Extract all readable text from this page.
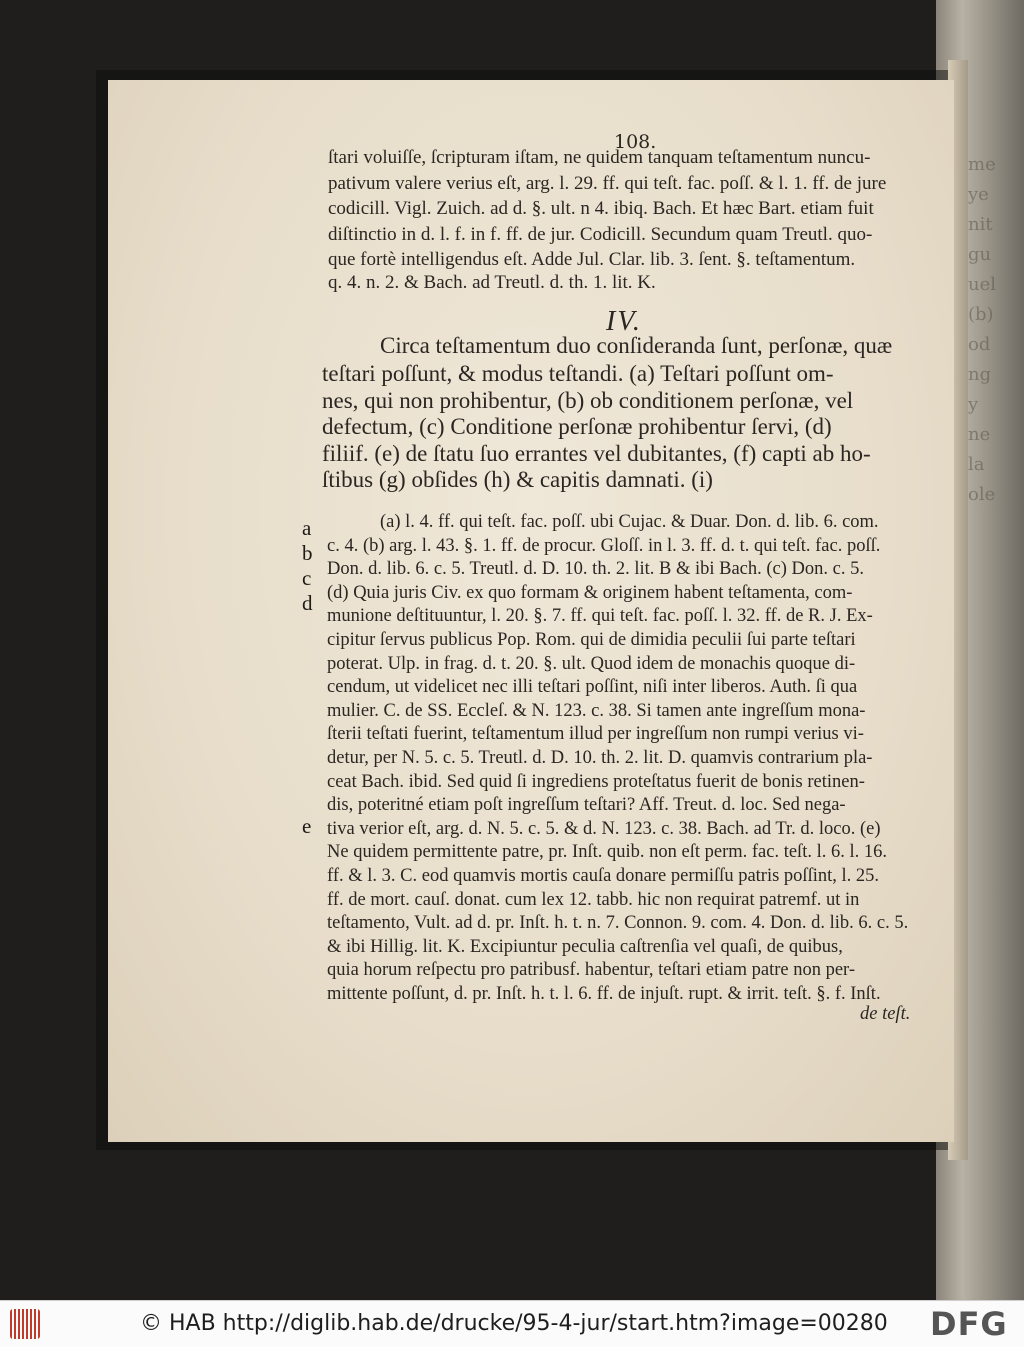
me
ye
nit
gu
uel
(b)
od
ng
y
ne
la
ole
108.
ſtari voluiſſe, ſcripturam iſtam, ne quidem tanquam teſtamentum nuncu-
pativum valere verius eſt, arg. l. 29. ff. qui teſt. fac. poſſ. & l. 1. ff. de jure
codicill. Vigl. Zuich. ad d. §. ult. n 4. ibiq. Bach. Et hæc Bart. etiam fuit
diſtinctio in d. l. f. in f. ff. de jur. Codicill. Secundum quam Treutl. quo-
que fortè intelligendus eſt. Adde Jul. Clar. lib. 3. ſent. §. teſtamentum.
q. 4. n. 2. & Bach. ad Treutl. d. th. 1. lit. K.
IV.
Circa teſtamentum duo conſideranda ſunt, perſonæ, quæ
teſtari poſſunt, & modus teſtandi. (a) Teſtari poſſunt om-
nes, qui non prohibentur, (b) ob conditionem perſonæ, vel
defectum, (c) Conditione perſonæ prohibentur ſervi, (d)
filiif. (e) de ſtatu ſuo errantes vel dubitantes, (f) capti ab ho-
ſtibus (g) obſides (h) & capitis damnati. (i)
a
b
c
d
e
(a) l. 4. ff. qui teſt. fac. poſſ. ubi Cujac. & Duar. Don. d. lib. 6. com.
c. 4. (b) arg. l. 43. §. 1. ff. de procur. Gloſſ. in l. 3. ff. d. t. qui teſt. fac. poſſ.
Don. d. lib. 6. c. 5. Treutl. d. D. 10. th. 2. lit. B & ibi Bach. (c) Don. c. 5.
(d) Quia juris Civ. ex quo formam & originem habent teſtamenta, com-
munione deſtituuntur, l. 20. §. 7. ff. qui teſt. fac. poſſ. l. 32. ff. de R. J. Ex-
cipitur ſervus publicus Pop. Rom. qui de dimidia peculii ſui parte teſtari
poterat. Ulp. in frag. d. t. 20. §. ult. Quod idem de monachis quoque di-
cendum, ut videlicet nec illi teſtari poſſint, niſi inter liberos. Auth. ſi qua
mulier. C. de SS. Eccleſ. & N. 123. c. 38. Si tamen ante ingreſſum mona-
ſterii teſtati fuerint, teſtamentum illud per ingreſſum non rumpi verius vi-
detur, per N. 5. c. 5. Treutl. d. D. 10. th. 2. lit. D. quamvis contrarium pla-
ceat Bach. ibid. Sed quid ſi ingrediens proteſtatus fuerit de bonis retinen-
dis, poteritné etiam poſt ingreſſum teſtari? Aff. Treut. d. loc. Sed nega-
tiva verior eſt, arg. d. N. 5. c. 5. & d. N. 123. c. 38. Bach. ad Tr. d. loco. (e)
Ne quidem permittente patre, pr. Inſt. quib. non eſt perm. fac. teſt. l. 6. l. 16.
ff. & l. 3. C. eod quamvis mortis cauſa donare permiſſu patris poſſint, l. 25.
ff. de mort. cauſ. donat. cum lex 12. tabb. hic non requirat patremf. ut in
teſtamento, Vult. ad d. pr. Inſt. h. t. n. 7. Connon. 9. com. 4. Don. d. lib. 6. c. 5.
& ibi Hillig. lit. K. Excipiuntur peculia caſtrenſia vel quaſi, de quibus,
quia horum reſpectu pro patribusf. habentur, teſtari etiam patre non per-
mittente poſſunt, d. pr. Inſt. h. t. l. 6. ff. de injuſt. rupt. & irrit. teſt. §. f. Inſt.
de teſt.
© HAB http://diglib.hab.de/drucke/95-4-jur/start.htm?image=00280 DFG
